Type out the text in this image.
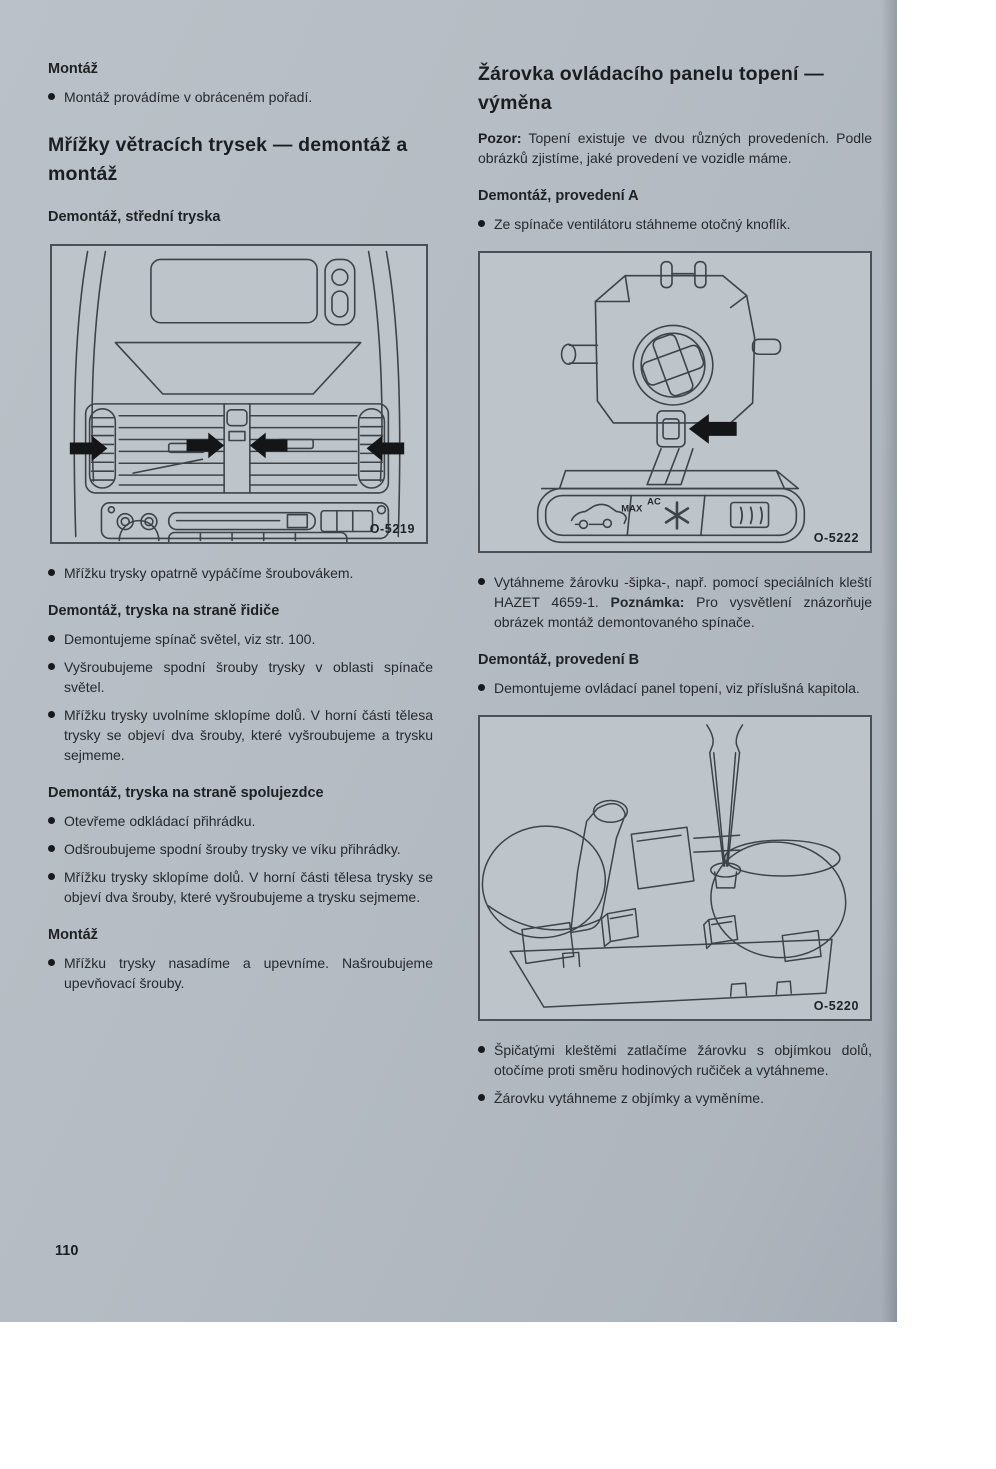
Montáž
Montáž provádíme v obráceném pořadí.
Mřížky větracích trysek — demontáž a montáž
Demontáž, střední tryska
O-5219
Mřížku trysky opatrně vypáčíme šroubovákem.
Demontáž, tryska na straně řidiče
Demontujeme spínač světel, viz str. 100.
Vyšroubujeme spodní šrouby trysky v oblasti spínače světel.
Mřížku trysky uvolníme sklopíme dolů. V horní části tělesa trysky se objeví dva šrouby, které vyšroubujeme a trysku sejmeme.
Demontáž, tryska na straně spolujezdce
Otevřeme odkládací přihrádku.
Odšroubujeme spodní šrouby trysky ve víku přihrádky.
Mřížku trysky sklopíme dolů. V horní části tělesa trysky se objeví dva šrouby, které vyšroubujeme a trysku sejmeme.
Montáž
Mřížku trysky nasadíme a upevníme. Našroubujeme upevňovací šrouby.
Žárovka ovládacího panelu topení — výměna
Pozor: Topení existuje ve dvou různých provedeních. Podle obrázků zjistíme, jaké provedení ve vozidle máme.
Demontáž, provedení A
Ze spínače ventilátoru stáhneme otočný knoflík.
MAX
AC
O-5222
Vytáhneme žárovku -šipka-, např. pomocí speciálních kleští HAZET 4659-1. Poznámka: Pro vysvětlení znázorňuje obrázek montáž demontovaného spínače.
Demontáž, provedení B
Demontujeme ovládací panel topení, viz příslušná kapitola.
O-5220
Špičatými kleštěmi zatlačíme žárovku s objímkou dolů, otočíme proti směru hodinových ručiček a vytáhneme.
Žárovku vytáhneme z objímky a vyměníme.
110
